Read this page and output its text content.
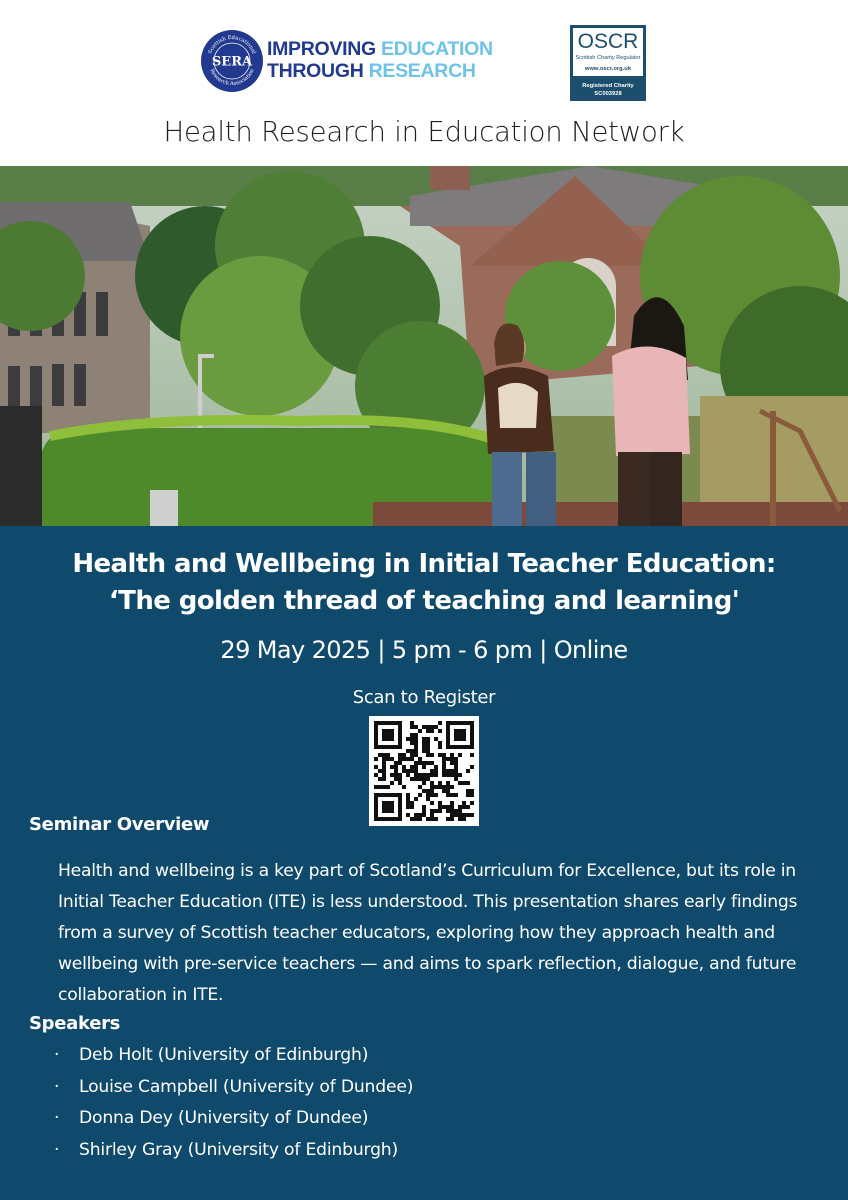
Scottish Educational
Research Association
SERA
IMPROVING EDUCATION
THROUGH RESEARCH
OSCR
Scottish Charity Regulator
www.oscr.org.uk
Registered Charity
SC003928
Health Research in Education Network
Health and Wellbeing in Initial Teacher Education:
‘The golden thread of teaching and learning'
29 May 2025 | 5 pm - 6 pm | Online
Scan to Register
Seminar Overview
Health and wellbeing is a key part of Scotland’s Curriculum for Excellence, but its role in Initial Teacher Education (ITE) is less understood. This presentation shares early findings from a survey of Scottish teacher educators, exploring how they approach health and wellbeing with pre-service teachers — and aims to spark reflection, dialogue, and future collaboration in ITE.
Speakers
·	Deb Holt (University of Edinburgh)
·	Louise Campbell (University of Dundee)
·	Donna Dey (University of Dundee)
·	Shirley Gray (University of Edinburgh)
